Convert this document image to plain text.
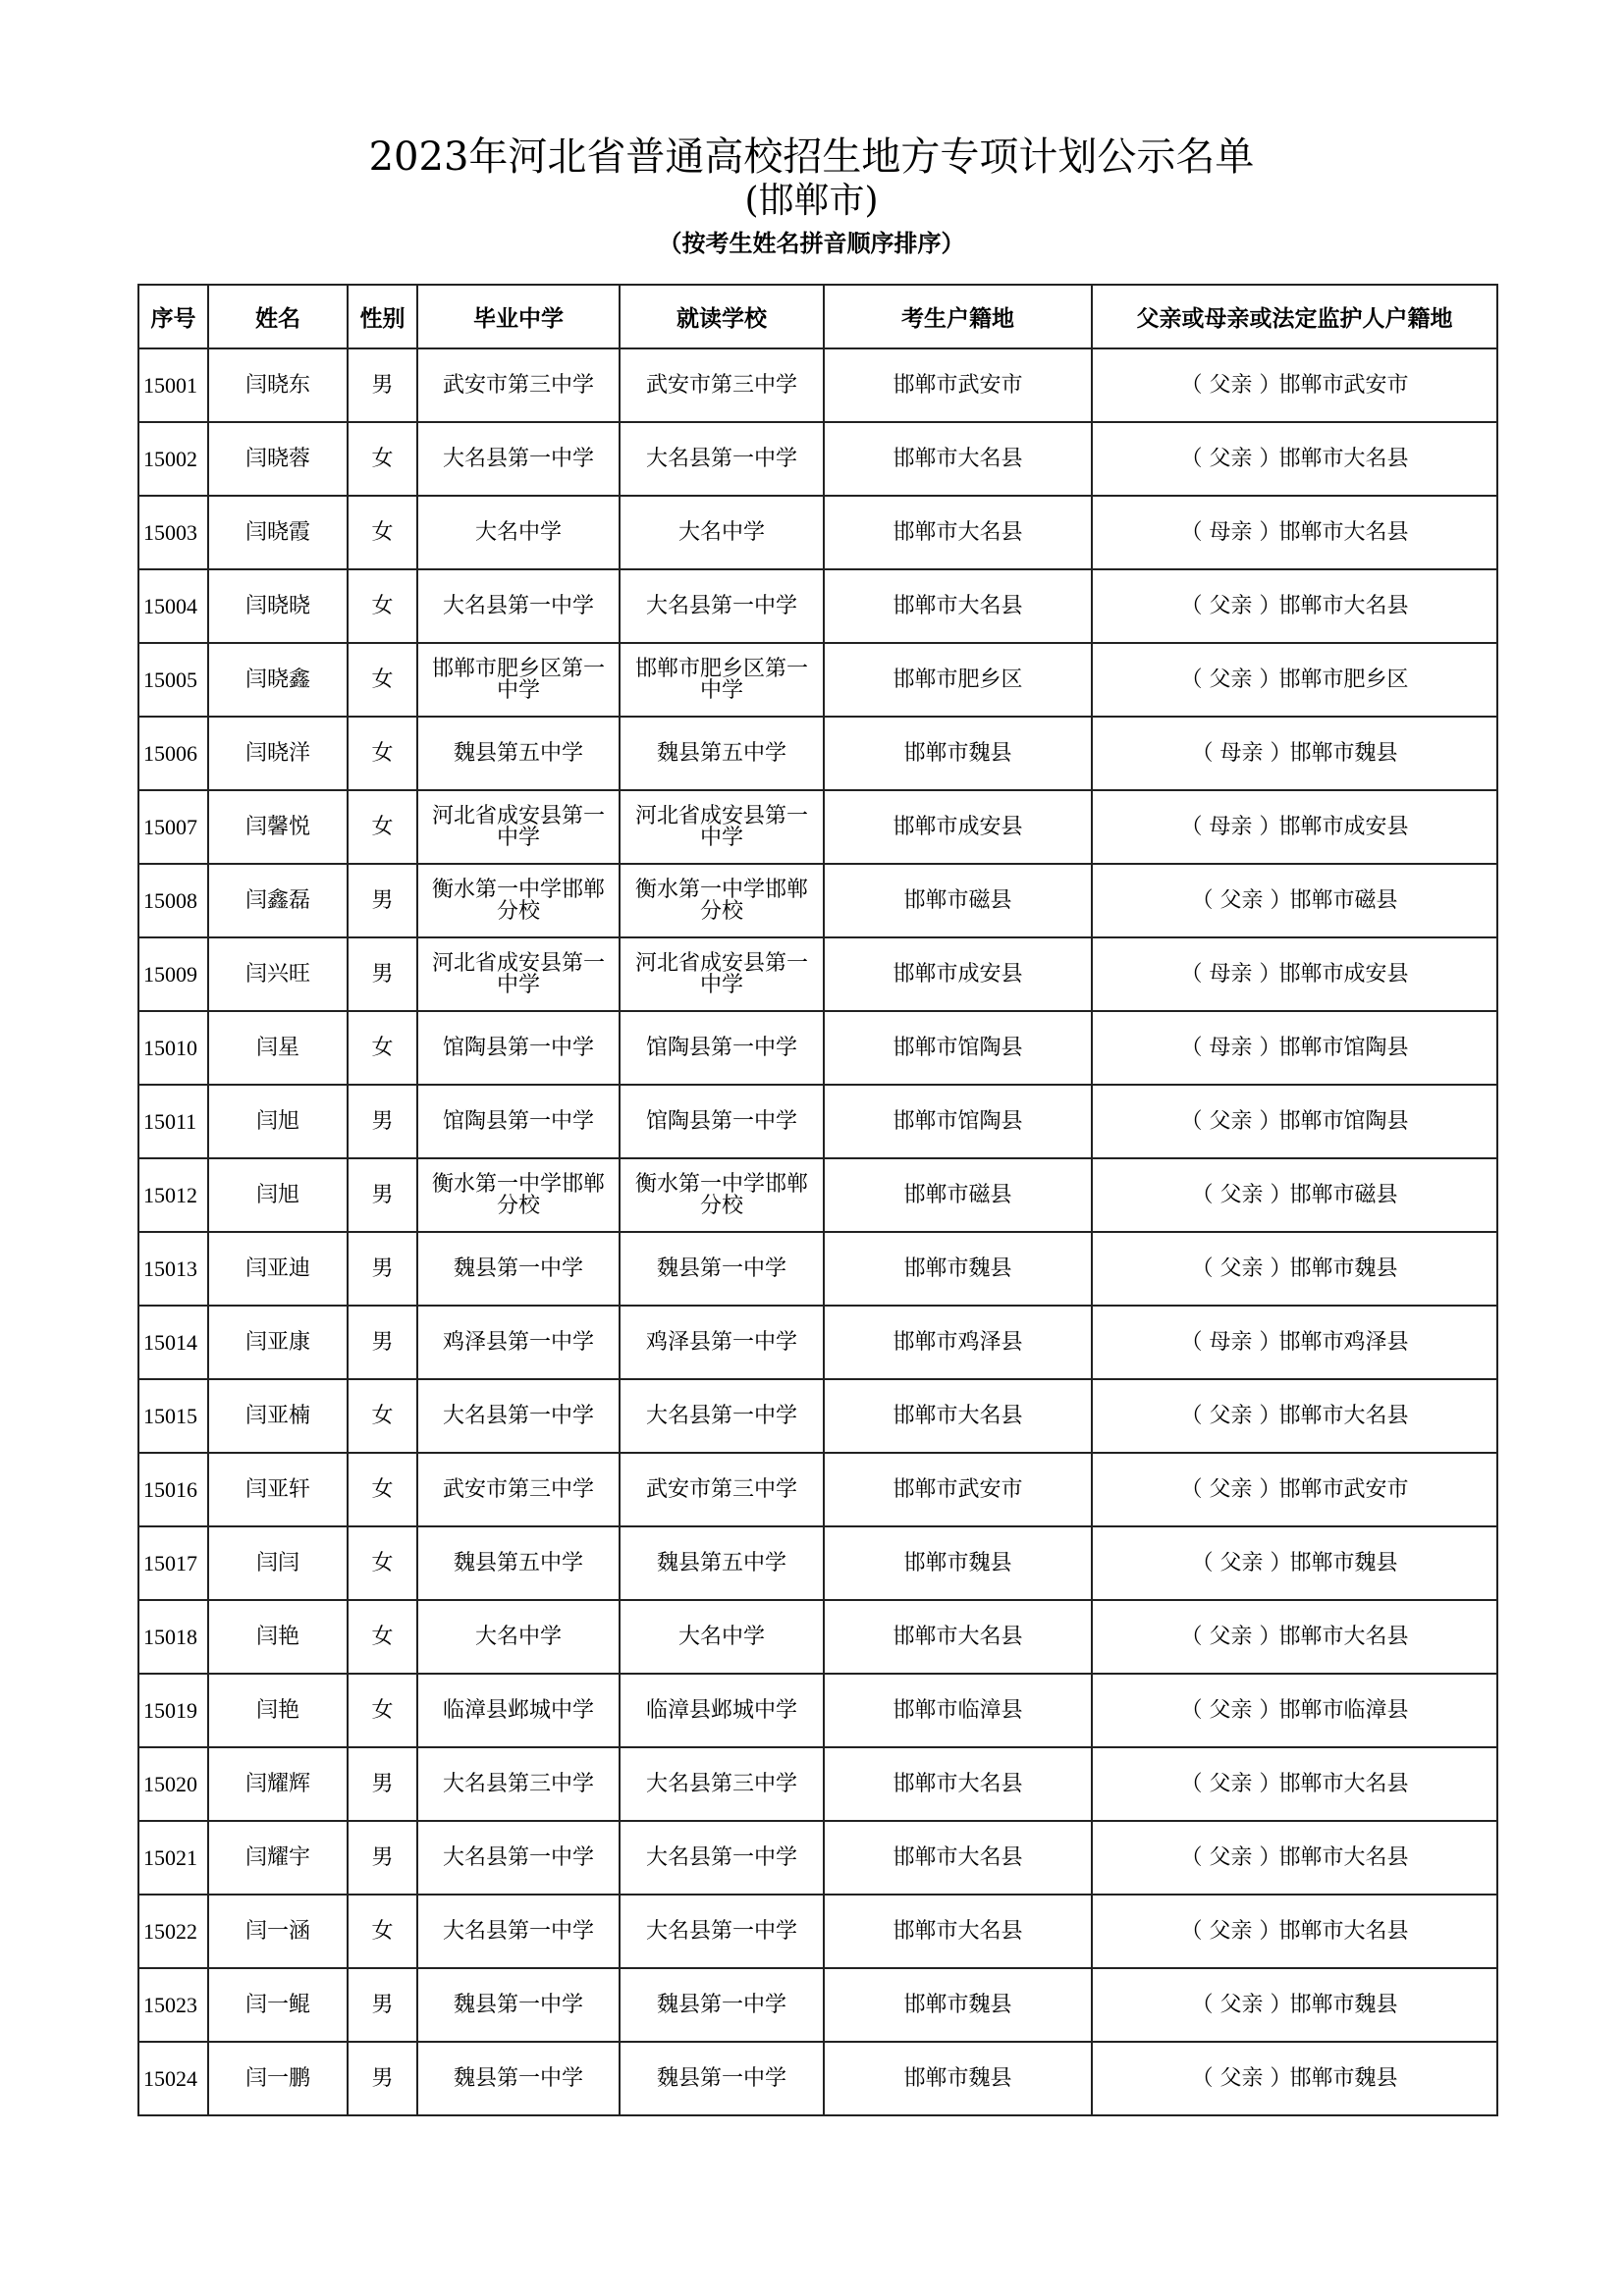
2023年河北省普通高校招生地方专项计划公示名单
(邯郸市)
（按考生姓名拼音顺序排序）
序号	姓名	性别	毕业中学	就读学校	考生户籍地	父亲或母亲或法定监护人户籍地
15001	闫晓东	男	武安市第三中学	武安市第三中学	邯郸市武安市	（ 父亲 ）邯郸市武安市
15002	闫晓蓉	女	大名县第一中学	大名县第一中学	邯郸市大名县	（ 父亲 ）邯郸市大名县
15003	闫晓霞	女	大名中学	大名中学	邯郸市大名县	（ 母亲 ）邯郸市大名县
15004	闫晓晓	女	大名县第一中学	大名县第一中学	邯郸市大名县	（ 父亲 ）邯郸市大名县
15005	闫晓鑫	女	邯郸市肥乡区第一中学	邯郸市肥乡区第一中学	邯郸市肥乡区	（ 父亲 ）邯郸市肥乡区
15006	闫晓洋	女	魏县第五中学	魏县第五中学	邯郸市魏县	（ 母亲 ）邯郸市魏县
15007	闫馨悦	女	河北省成安县第一中学	河北省成安县第一中学	邯郸市成安县	（ 母亲 ）邯郸市成安县
15008	闫鑫磊	男	衡水第一中学邯郸分校	衡水第一中学邯郸分校	邯郸市磁县	（ 父亲 ）邯郸市磁县
15009	闫兴旺	男	河北省成安县第一中学	河北省成安县第一中学	邯郸市成安县	（ 母亲 ）邯郸市成安县
15010	闫星	女	馆陶县第一中学	馆陶县第一中学	邯郸市馆陶县	（ 母亲 ）邯郸市馆陶县
15011	闫旭	男	馆陶县第一中学	馆陶县第一中学	邯郸市馆陶县	（ 父亲 ）邯郸市馆陶县
15012	闫旭	男	衡水第一中学邯郸分校	衡水第一中学邯郸分校	邯郸市磁县	（ 父亲 ）邯郸市磁县
15013	闫亚迪	男	魏县第一中学	魏县第一中学	邯郸市魏县	（ 父亲 ）邯郸市魏县
15014	闫亚康	男	鸡泽县第一中学	鸡泽县第一中学	邯郸市鸡泽县	（ 母亲 ）邯郸市鸡泽县
15015	闫亚楠	女	大名县第一中学	大名县第一中学	邯郸市大名县	（ 父亲 ）邯郸市大名县
15016	闫亚轩	女	武安市第三中学	武安市第三中学	邯郸市武安市	（ 父亲 ）邯郸市武安市
15017	闫闫	女	魏县第五中学	魏县第五中学	邯郸市魏县	（ 父亲 ）邯郸市魏县
15018	闫艳	女	大名中学	大名中学	邯郸市大名县	（ 父亲 ）邯郸市大名县
15019	闫艳	女	临漳县邺城中学	临漳县邺城中学	邯郸市临漳县	（ 父亲 ）邯郸市临漳县
15020	闫耀辉	男	大名县第三中学	大名县第三中学	邯郸市大名县	（ 父亲 ）邯郸市大名县
15021	闫耀宇	男	大名县第一中学	大名县第一中学	邯郸市大名县	（ 父亲 ）邯郸市大名县
15022	闫一涵	女	大名县第一中学	大名县第一中学	邯郸市大名县	（ 父亲 ）邯郸市大名县
15023	闫一鲲	男	魏县第一中学	魏县第一中学	邯郸市魏县	（ 父亲 ）邯郸市魏县
15024	闫一鹏	男	魏县第一中学	魏县第一中学	邯郸市魏县	（ 父亲 ）邯郸市魏县
